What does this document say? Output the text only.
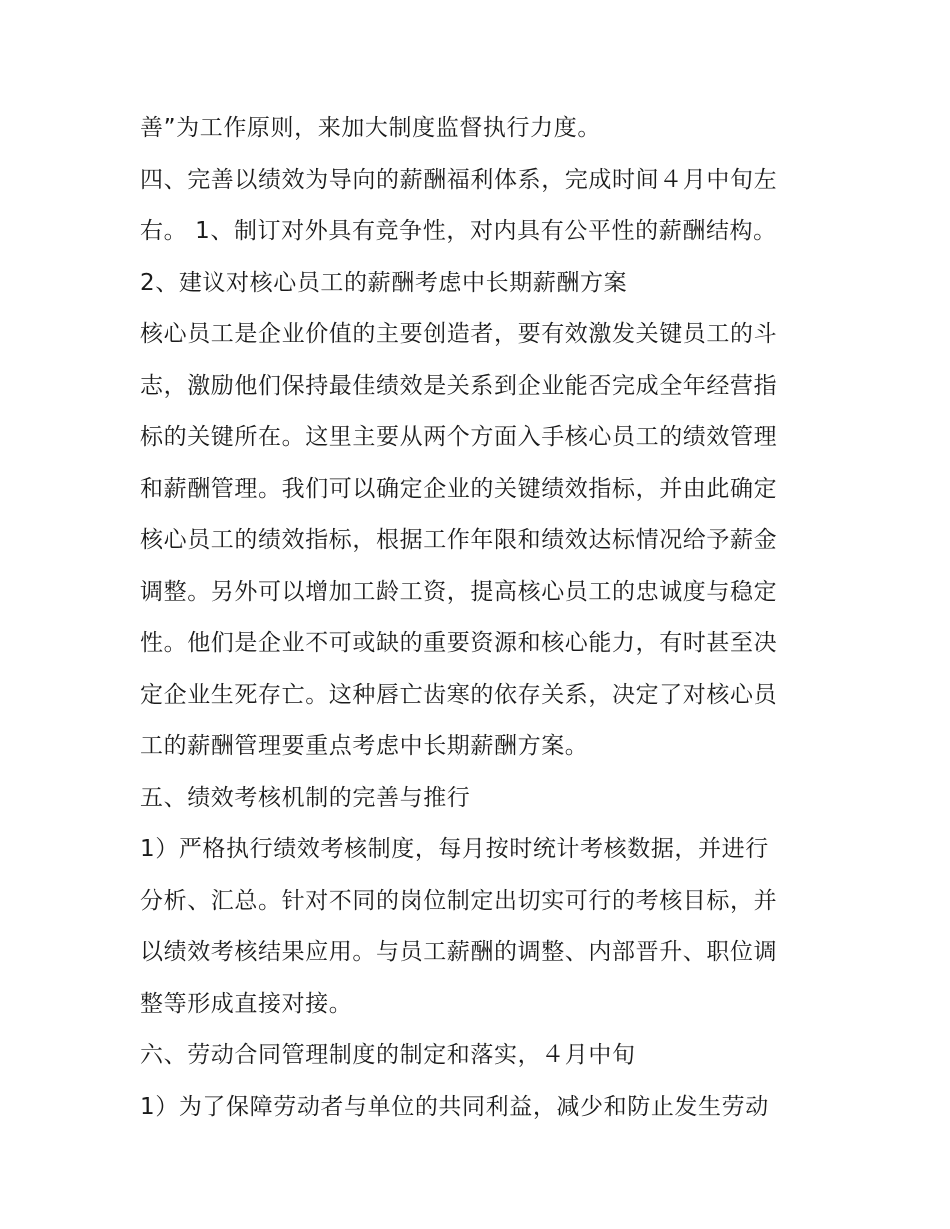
善”为工作原则，来加大制度监督执行力度。
四、完善以绩效为导向的薪酬福利体系，完成时间４月中旬左
右。 1、制订对外具有竞争性，对内具有公平性的薪酬结构。
2、建议对核心员工的薪酬考虑中长期薪酬方案
核心员工是企业价值的主要创造者，要有效激发关键员工的斗
志，激励他们保持最佳绩效是关系到企业能否完成全年经营指
标的关键所在。这里主要从两个方面入手核心员工的绩效管理
和薪酬管理。我们可以确定企业的关键绩效指标，并由此确定
核心员工的绩效指标，根据工作年限和绩效达标情况给予薪金
调整。另外可以增加工龄工资，提高核心员工的忠诚度与稳定
性。他们是企业不可或缺的重要资源和核心能力，有时甚至决
定企业生死存亡。这种唇亡齿寒的依存关系，决定了对核心员
工的薪酬管理要重点考虑中长期薪酬方案。
五、绩效考核机制的完善与推行
1）严格执行绩效考核制度，每月按时统计考核数据，并进行
分析、汇总。针对不同的岗位制定出切实可行的考核目标，并
以绩效考核结果应用。与员工薪酬的调整、内部晋升、职位调
整等形成直接对接。
六、劳动合同管理制度的制定和落实，４月中旬
1）为了保障劳动者与单位的共同利益，减少和防止发生劳动
